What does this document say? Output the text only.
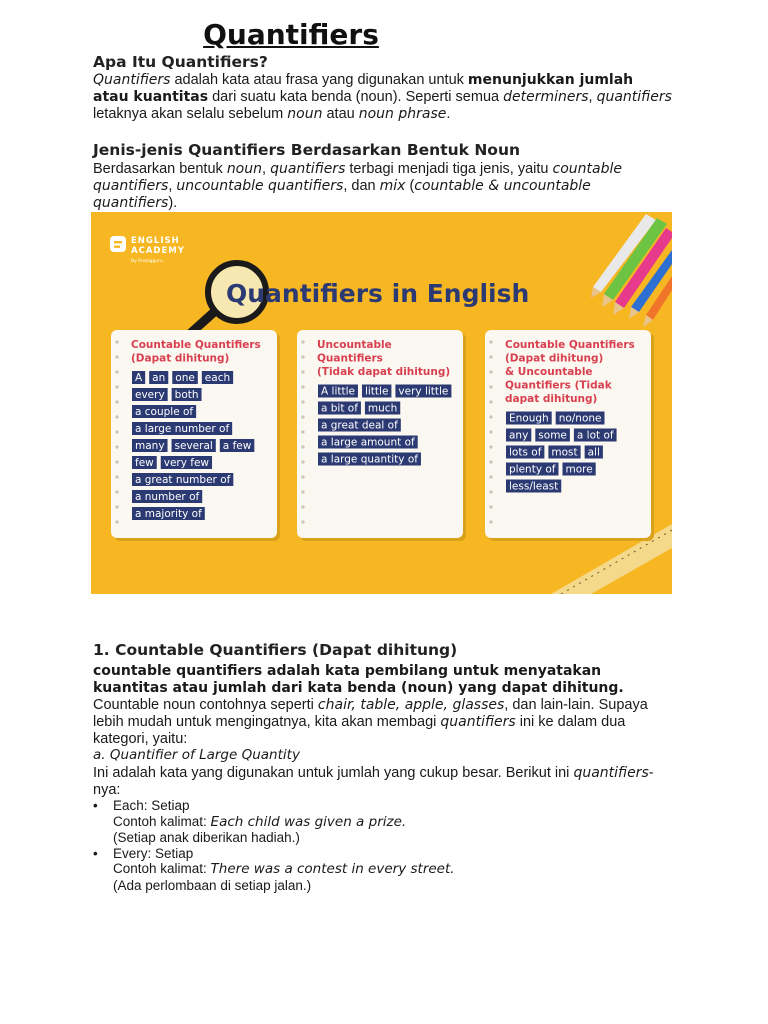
Quantifiers
Apa Itu Quantifiers?

Quantifiers adalah kata atau frasa yang digunakan untuk menunjukkan jumlah atau kuantitas dari suatu kata benda (noun). Seperti semua determiners, quantifiers letaknya akan selalu sebelum noun atau noun phrase.

Jenis-jenis Quantifiers Berdasarkan Bentuk Noun

Berdasarkan bentuk noun, quantifiers terbagi menjadi tiga jenis, yaitu countable quantifiers, uncountable quantifiers, dan mix (countable & uncountable quantifiers).

1. Countable Quantifiers (Dapat dihitung)

countable quantifiers adalah kata pembilang untuk menyatakan kuantitas atau jumlah dari kata benda (noun) yang dapat dihitung. Countable noun contohnya seperti chair, table, apple, glasses, dan lain-lain. Supaya lebih mudah untuk mengingatnya, kita akan membagi quantifiers ini ke dalam dua kategori, yaitu:

a. Quantifier of Large Quantity

Ini adalah kata yang digunakan untuk jumlah yang cukup besar. Berikut ini quantifiers-nya:

• Each: Setiap
Contoh kalimat: Each child was given a prize.
(Setiap anak diberikan hadiah.)
• Every: Setiap
Contoh kalimat: There was a contest in every street.
(Ada perlombaan di setiap jalan.)
ENGLISH
ACADEMY
By Ruangguru
Quantifiers in English
Countable Quantifiers
(Dapat dihitung)
A an one each
every both
a couple of
a large number of
many several a few
few very few
a great number of
a number of
a majority of
Uncountable
Quantifiers
(Tidak dapat dihitung)
A little little very little
a bit of much
a great deal of
a large amount of
a large quantity of
Countable Quantifiers
(Dapat dihitung)
& Uncountable
Quantifiers (Tidak
dapat dihitung)
Enough no/none
any some a lot of
lots of most all
plenty of more
less/least
